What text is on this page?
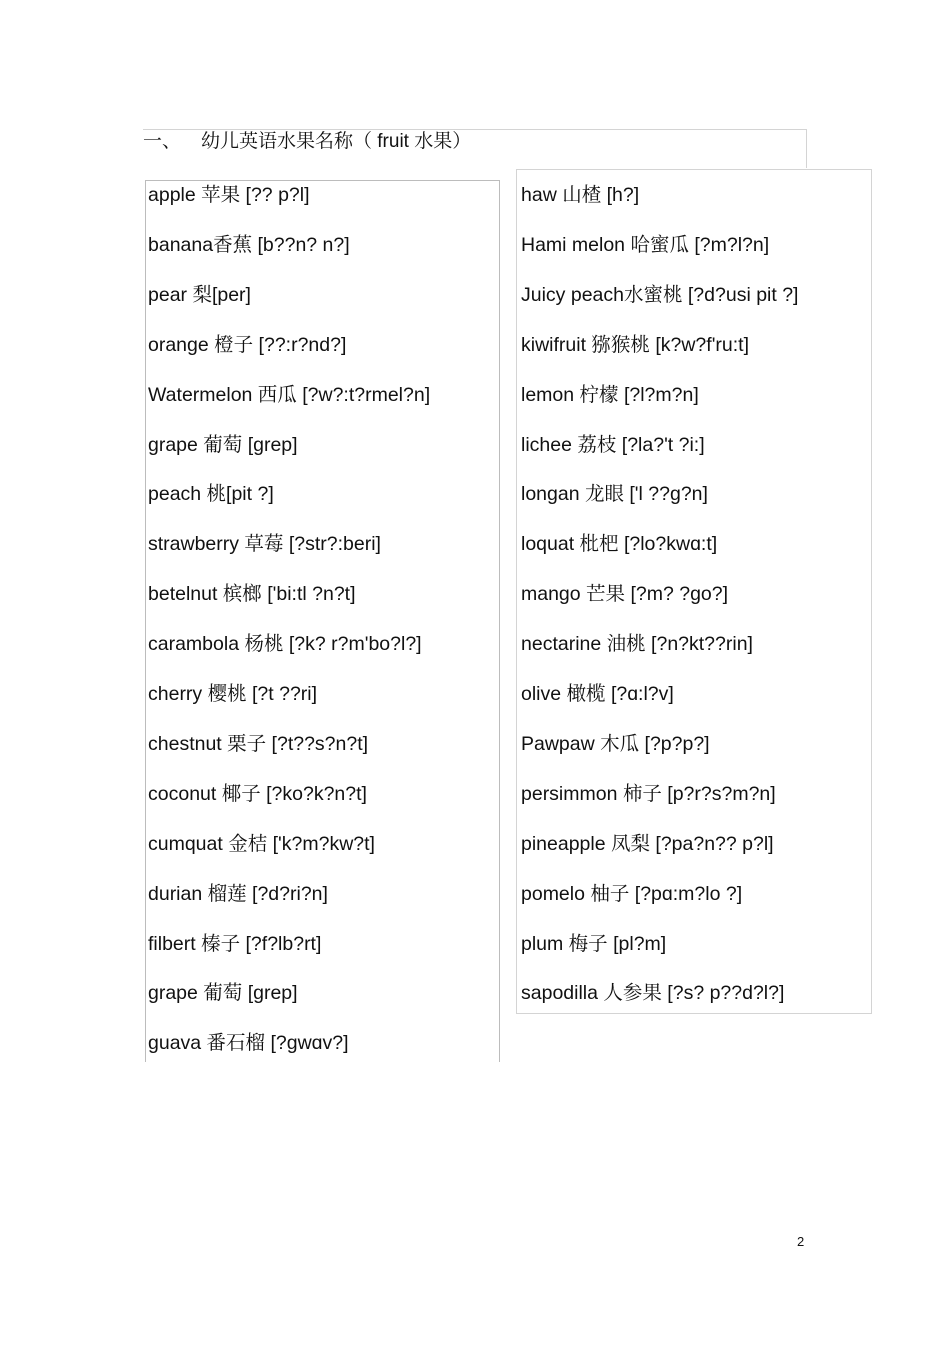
一、 幼儿英语水果名称（ fruit 水果）
apple 苹果 [?? p?l]
banana香蕉 [b??n? n?]
pear 梨[per]
orange 橙子 [??:r?nd?]
Watermelon 西瓜 [?w?:t?rmel?n]
grape 葡萄 [ɡrep]
peach 桃[pit ?]
strawberry 草莓 [?str?:beri]
betelnut 槟榔 ['bi:tl ?n?t]
carambola 杨桃 [?k? r?m'bo?l?]
cherry 樱桃 [?t ??ri]
chestnut 栗子 [?t??s?n?t]
coconut 椰子 [?ko?k?n?t]
cumquat 金桔 ['k?m?kw?t]
durian 榴莲 [?d?ri?n]
filbert 榛子 [?f?lb?rt]
grape 葡萄 [ɡrep]
guava 番石榴 [?ɡwɑv?]
haw 山楂 [h?]
Hami melon 哈蜜瓜 [?m?l?n]
Juicy peach水蜜桃 [?d?usi pit ?]
kiwifruit 猕猴桃 [k?w?f'ru:t]
lemon 柠檬 [?l?m?n]
lichee 荔枝 [?la?'t ?i:]
longan 龙眼 ['l ??g?n]
loquat 枇杷 [?lo?kwɑ:t]
mango 芒果 [?m? ?go?]
nectarine 油桃 [?n?kt??rin]
olive 橄榄 [?ɑ:l?v]
Pawpaw 木瓜 [?p?p?]
persimmon 柿子 [p?r?s?m?n]
pineapple 凤梨 [?pa?n?? p?l]
pomelo 柚子 [?pɑ:m?lo ?]
plum 梅子 [pl?m]
sapodilla 人参果 [?s? p??d?l?]
2
